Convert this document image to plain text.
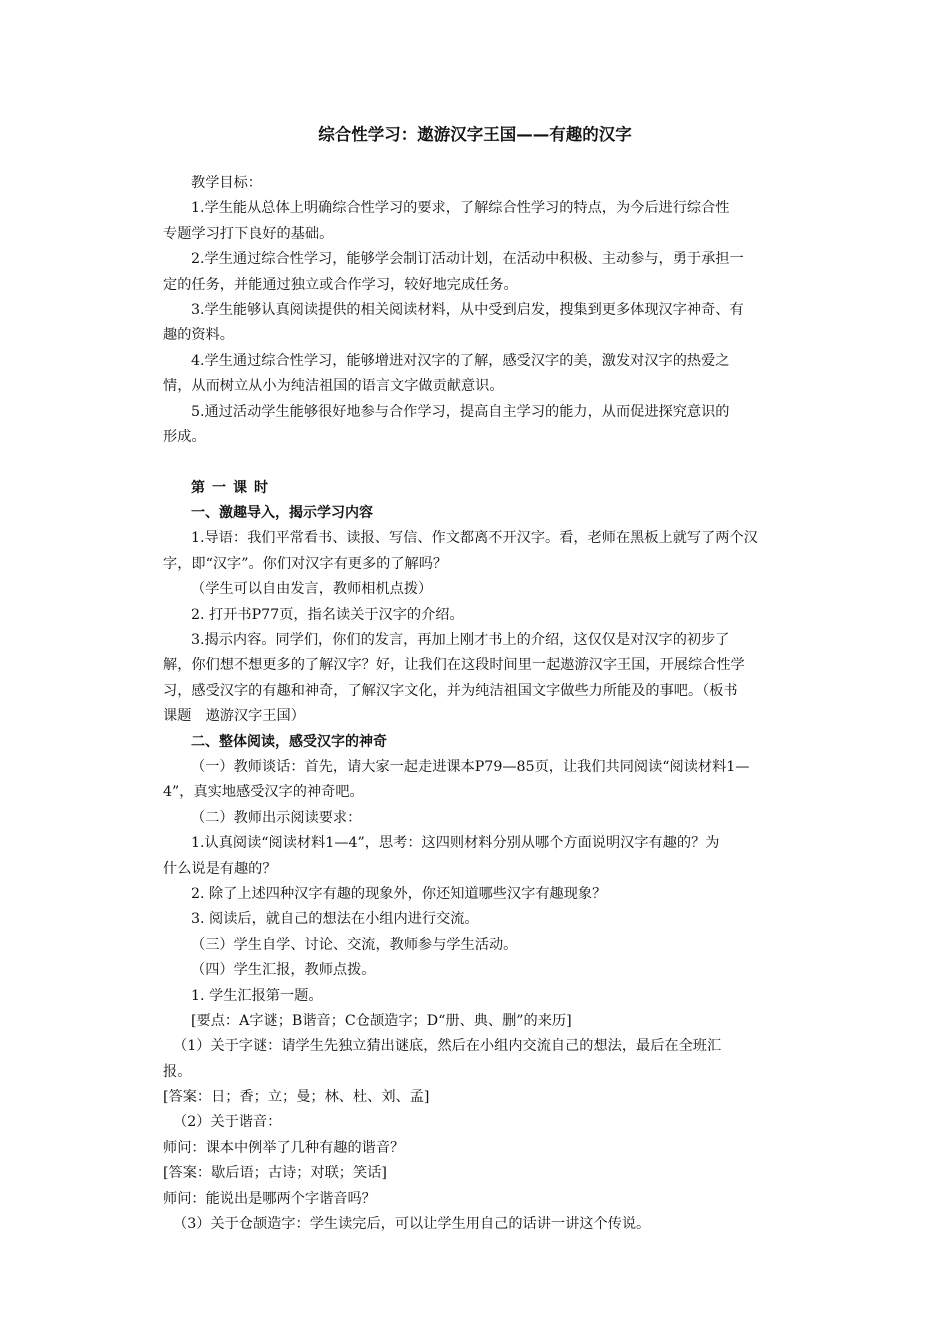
综合性学习：遨游汉字王国——有趣的汉字
教学目标：
1.学生能从总体上明确综合性学习的要求，了解综合性学习的特点，为今后进行综合性
专题学习打下良好的基础。
2.学生通过综合性学习，能够学会制订活动计划，在活动中积极、主动参与，勇于承担一
定的任务，并能通过独立或合作学习，较好地完成任务。
3.学生能够认真阅读提供的相关阅读材料，从中受到启发，搜集到更多体现汉字神奇、有
趣的资料。
4.学生通过综合性学习，能够增进对汉字的了解，感受汉字的美，激发对汉字的热爱之
情，从而树立从小为纯洁祖国的语言文字做贡献意识。
5.通过活动学生能够很好地参与合作学习，提高自主学习的能力，从而促进探究意识的
形成。
第一课时
一、激趣导入，揭示学习内容
1.导语：我们平常看书、读报、写信、作文都离不开汉字。看，老师在黑板上就写了两个汉
字，即“汉字”。你们对汉字有更多的了解吗？
（学生可以自由发言，教师相机点拨）
2. 打开书P77页，指名读关于汉字的介绍。
3.揭示内容。同学们，你们的发言，再加上刚才书上的介绍，这仅仅是对汉字的初步了
解，你们想不想更多的了解汉字？好，让我们在这段时间里一起遨游汉字王国，开展综合性学
习，感受汉字的有趣和神奇，了解汉字文化，并为纯洁祖国文字做些力所能及的事吧。（板书
课题　遨游汉字王国）
二、整体阅读，感受汉字的神奇
（一）教师谈话：首先，请大家一起走进课本P79—85页，让我们共同阅读“阅读材料1—
4”，真实地感受汉字的神奇吧。
（二）教师出示阅读要求：
1.认真阅读“阅读材料1—4”，思考：这四则材料分别从哪个方面说明汉字有趣的？为
什么说是有趣的？
2. 除了上述四种汉字有趣的现象外，你还知道哪些汉字有趣现象？
3. 阅读后，就自己的想法在小组内进行交流。
（三）学生自学、讨论、交流，教师参与学生活动。
（四）学生汇报，教师点拨。
1. 学生汇报第一题。
[要点：A字谜；B谐音；C仓颉造字；D“册、典、删”的来历]
（1）关于字谜：请学生先独立猜出谜底，然后在小组内交流自己的想法，最后在全班汇
报。
[答案：日；香；立；曼；林、杜、刘、孟]
（2）关于谐音：
师问：课本中例举了几种有趣的谐音？
[答案：歇后语；古诗；对联；笑话]
师问：能说出是哪两个字谐音吗？
（3）关于仓颉造字：学生读完后，可以让学生用自己的话讲一讲这个传说。
